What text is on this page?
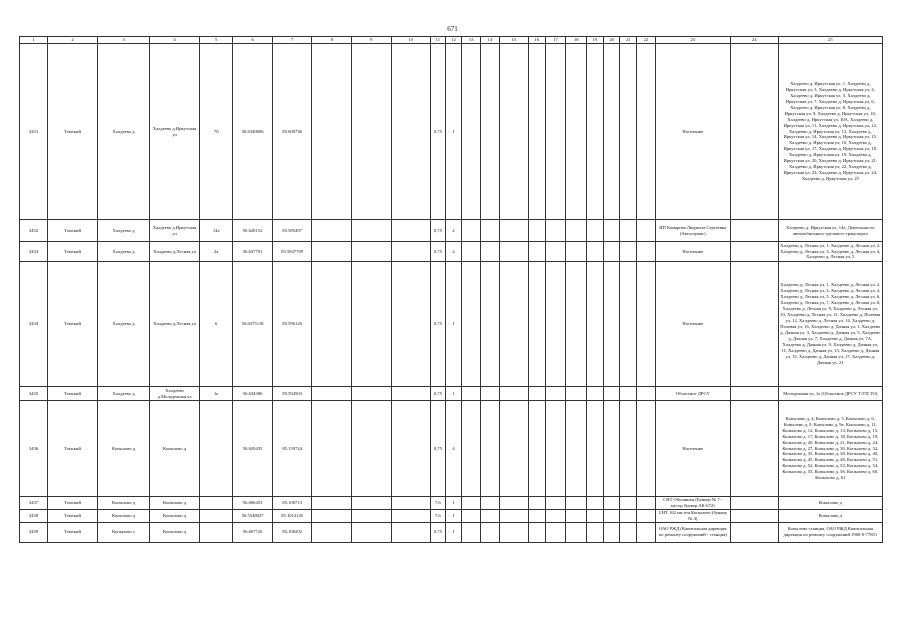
671
1	2	3	4	5	6	7	8	9	10	11	12	13	14	15	16	17	18	19	20	21	22	23	24	25
3431	Томский	Халдеево д	Халдеево д.Иркутская ул	70	56.6340006	85.600736				0,75	1											Население		Халдеево д, Иркутская ул, 1, Халдеево д, Иркутская ул, 3, Халдеево д, Иркутская ул, 4, Халдеево д, Иркутская ул, 5, Халдеево д, Иркутская ул, 7, Халдеево д, Иркутская ул, 6, Халдеево д, Иркутская ул, 8, Халдеево д, Иркутская ул, 9, Халдеево д, Иркутская ул, 10, Халдеево д, Иркутская ул, 10А, Халдеево д, Иркутская ул, 11, Халдеево д, Иркутская ул, 12, Халдеево д, Иркутская ул, 13, Халдеево д, Иркутская ул, 14, Халдеево д, Иркутская ул, 15, Халдеево д, Иркутская ул, 16, Халдеево д, Иркутская ул, 17, Халдеево д, Иркутская ул, 18, Халдеево д, Иркутская ул, 19, Халдеево д, Иркутская ул, 20, Халдеево д, Иркутская ул, 21, Халдеево д, Иркутская ул, 22, Халдеево д, Иркутская ул, 23, Халдеево д, Иркутская ул, 24, Халдеево д, Иркутская ул, 25
3432	Томский	Халдеево д	Халдеево д.Иркутская ул	14а	56.620152	85.585497				0,75	2											ИП Комарова Людмила Сергеевна (Автосервис)		Халдеево д, Иркутская ул, 14а, Деятельность автомобильного грузового транспорта
3433	Томский	Халдеево д	Халдеево д.Лесная ул	2а	56.637791	85.5847709				0,75	2											Население		Халдеево д, Лесная ул, 1, Халдеево д, Лесная ул, 2, Халдеево д, Лесная ул, 3, Халдеево д, Лесная ул, 4, Халдеево д, Лесная ул, 5
3434	Томский	Халдеево д	Халдеево д.Лесная ул	6	56.6375118	85.596126				0,75	1											Население		Халдеево д, Лесная ул, 1, Халдеево д, Лесная ул, 2, Халдеево д, Лесная ул, 3, Халдеево д, Лесная ул, 4, Халдеево д, Лесная ул, 5, Халдеево д, Лесная ул, 6, Халдеево д, Лесная ул, 7, Халдеево д, Лесная ул, 8, Халдеево д, Лесная ул, 9, Халдеево д, Лесная ул, 10, Халдеево д, Лесная ул, 11, Халдеево д, Полевая ул, 12, Халдеево д, Лесная ул, 14, Халдеево д, Полевая ул, 16, Халдеево д, Дачная ул, 1, Халдеево д, Дачная ул, 3, Халдеево д, Дачная ул, 5, Халдеево д, Дачная ул, 7, Халдеево д, Дачная ул, 7А, Халдеево д, Дачная ул, 9, Халдеево д, Дачная ул, 11, Халдеево д, Дачная ул, 13, Халдеево д, Дачная ул, 15, Халдеево д, Дачная ул, 17, Халдеево д, Дачная ул, 21
3435	Томский	Халдеево д	Халдеево д.Молодежная ул	1ь	56.634386	85.594503				0,75	1											Областное ДРСУ		Молодежная ул, 1ь (Областное ДРСУ Т/УП ТО)
3436	Томский	Копылово д	Копылово д		56.629435	85.159724				0,75	4											Население		Копылово д, 4, Копылово д, 5, Копылово д, 6, Копылово д, 9, Копылово д, 9а, Копылово д, 11, Копылово д, 12, Копылово д, 13, Копылово д, 15, Копылово д, 17, Копылово д, 18, Копылово д, 19, Копылово д, 20, Копылово д, 21, Копылово д, 24, Копылово д, 27, Копылово д, 30, Копылово д, 32, Копылово д, 35, Копылово д, 38, Копылово д, 40, Копылово д, 45, Копылово д, 48, Копылово д, 51, Копылово д, 52, Копылово д, 53, Копылово д, 54, Копылово д, 55, Копылово д, 56, Копылово д, 60, Копылово д, 61
3437	Томский	Копылово д	Копылово д		56,606453	85,100713				7,6	1											СНТ Обушинец (Бункер № 7 - мусор бункер АК-672)		Копылово д
3438	Томский	Копылово д	Копылово д		56.5548027	85.1012145				7,6	1											СНТ 162 им.ген Копылово (бункер № 4)		Копылово д
3439	Томский	Копылово с	Копылово д		56,607726	85,100292				0,75	1											ОАО РЖД (Капитальная дирекция по ремонту сооружений - станция)		Копылово станция, ОАО РЖД Капитальная дирекция по ремонту сооружений 1900-0-77651
